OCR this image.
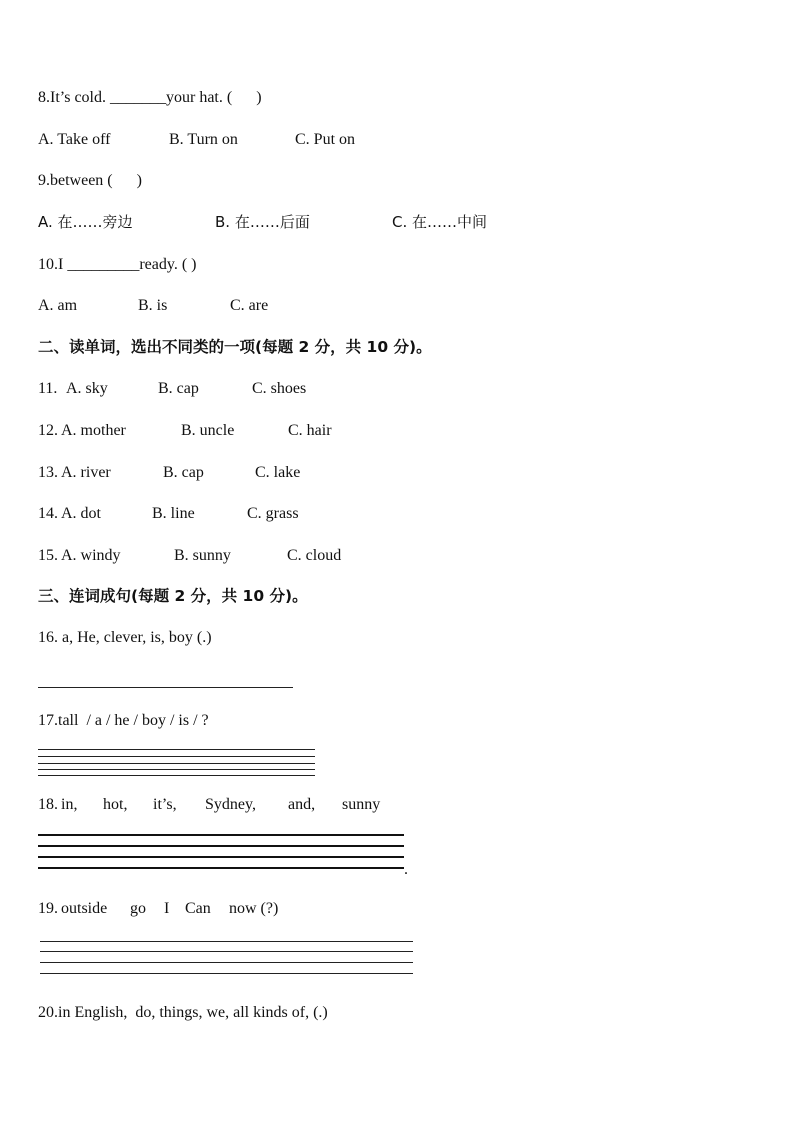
8.It’s cold. _______your hat. (      )
A. Take off	B. Turn on	C. Put on
9.between (      )
A. 在……旁边	B. 在……后面	C. 在……中间
10.I _________ready. ( )
A. am	B. is	C. are
二、读单词，选出不同类的一项(每题 2 分，共 10 分)。
11. A. sky	B. cap	C. shoes
12. A. mother	B. uncle	C. hair
13. A. river	B. cap	C. lake
14. A. dot	B. line	C. grass
15. A. windy	B. sunny	C. cloud
三、连词成句(每题 2 分，共 10 分)。
16. a, He, clever, is, boy (.)
17.tall  / a / he / boy / is / ?
18. in, hot, it’s, Sydney, and, sunny
.
19. outside go I Can now (?)
20.in English,  do, things, we, all kinds of, (.)
